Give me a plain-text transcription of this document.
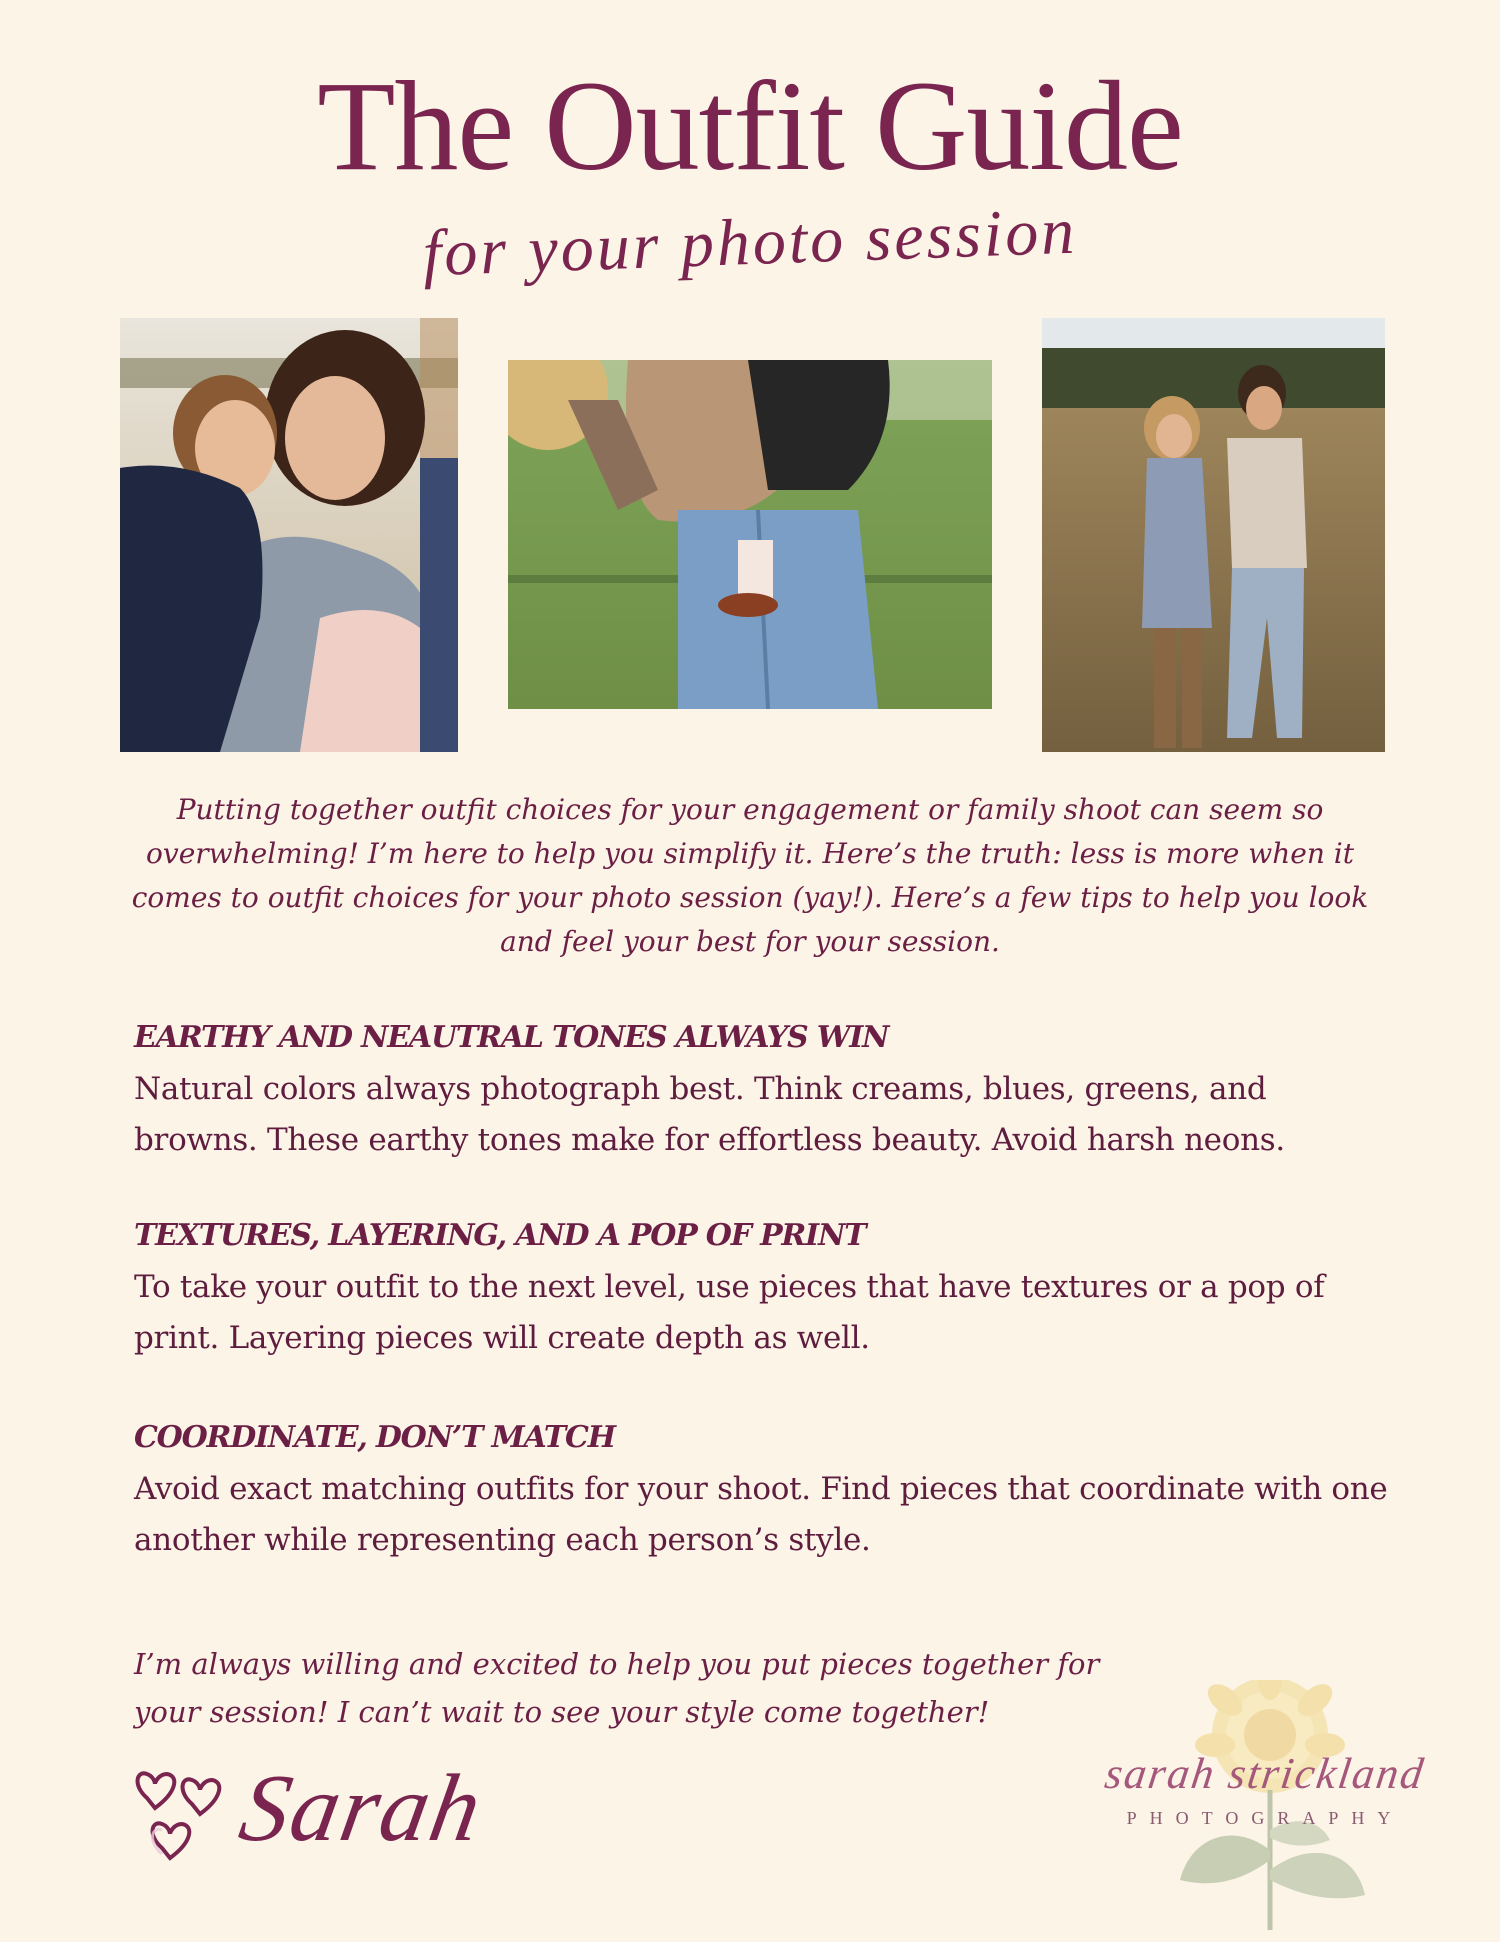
The Outfit Guide
for your photo session

Putting together outfit choices for your engagement or family shoot can seem so overwhelming! I’m here to help you simplify it. Here’s the truth: less is more when it comes to outfit choices for your photo session (yay!). Here’s a few tips to help you look and feel your best for your session.

EARTHY AND NEAUTRAL TONES ALWAYS WIN

Natural colors always photograph best. Think creams, blues, greens, and browns. These earthy tones make for effortless beauty. Avoid harsh neons.

TEXTURES, LAYERING, AND A POP OF PRINT

To take your outfit to the next level, use pieces that have textures or a pop of print. Layering pieces will create depth as well.

COORDINATE, DON’T MATCH

Avoid exact matching outfits for your shoot. Find pieces that coordinate with one another while representing each person’s style.

I’m always willing and excited to help you put pieces together for your session! I can’t wait to see your style come together!

Sarah	sarah strickland
PHOTOGRAPHY
